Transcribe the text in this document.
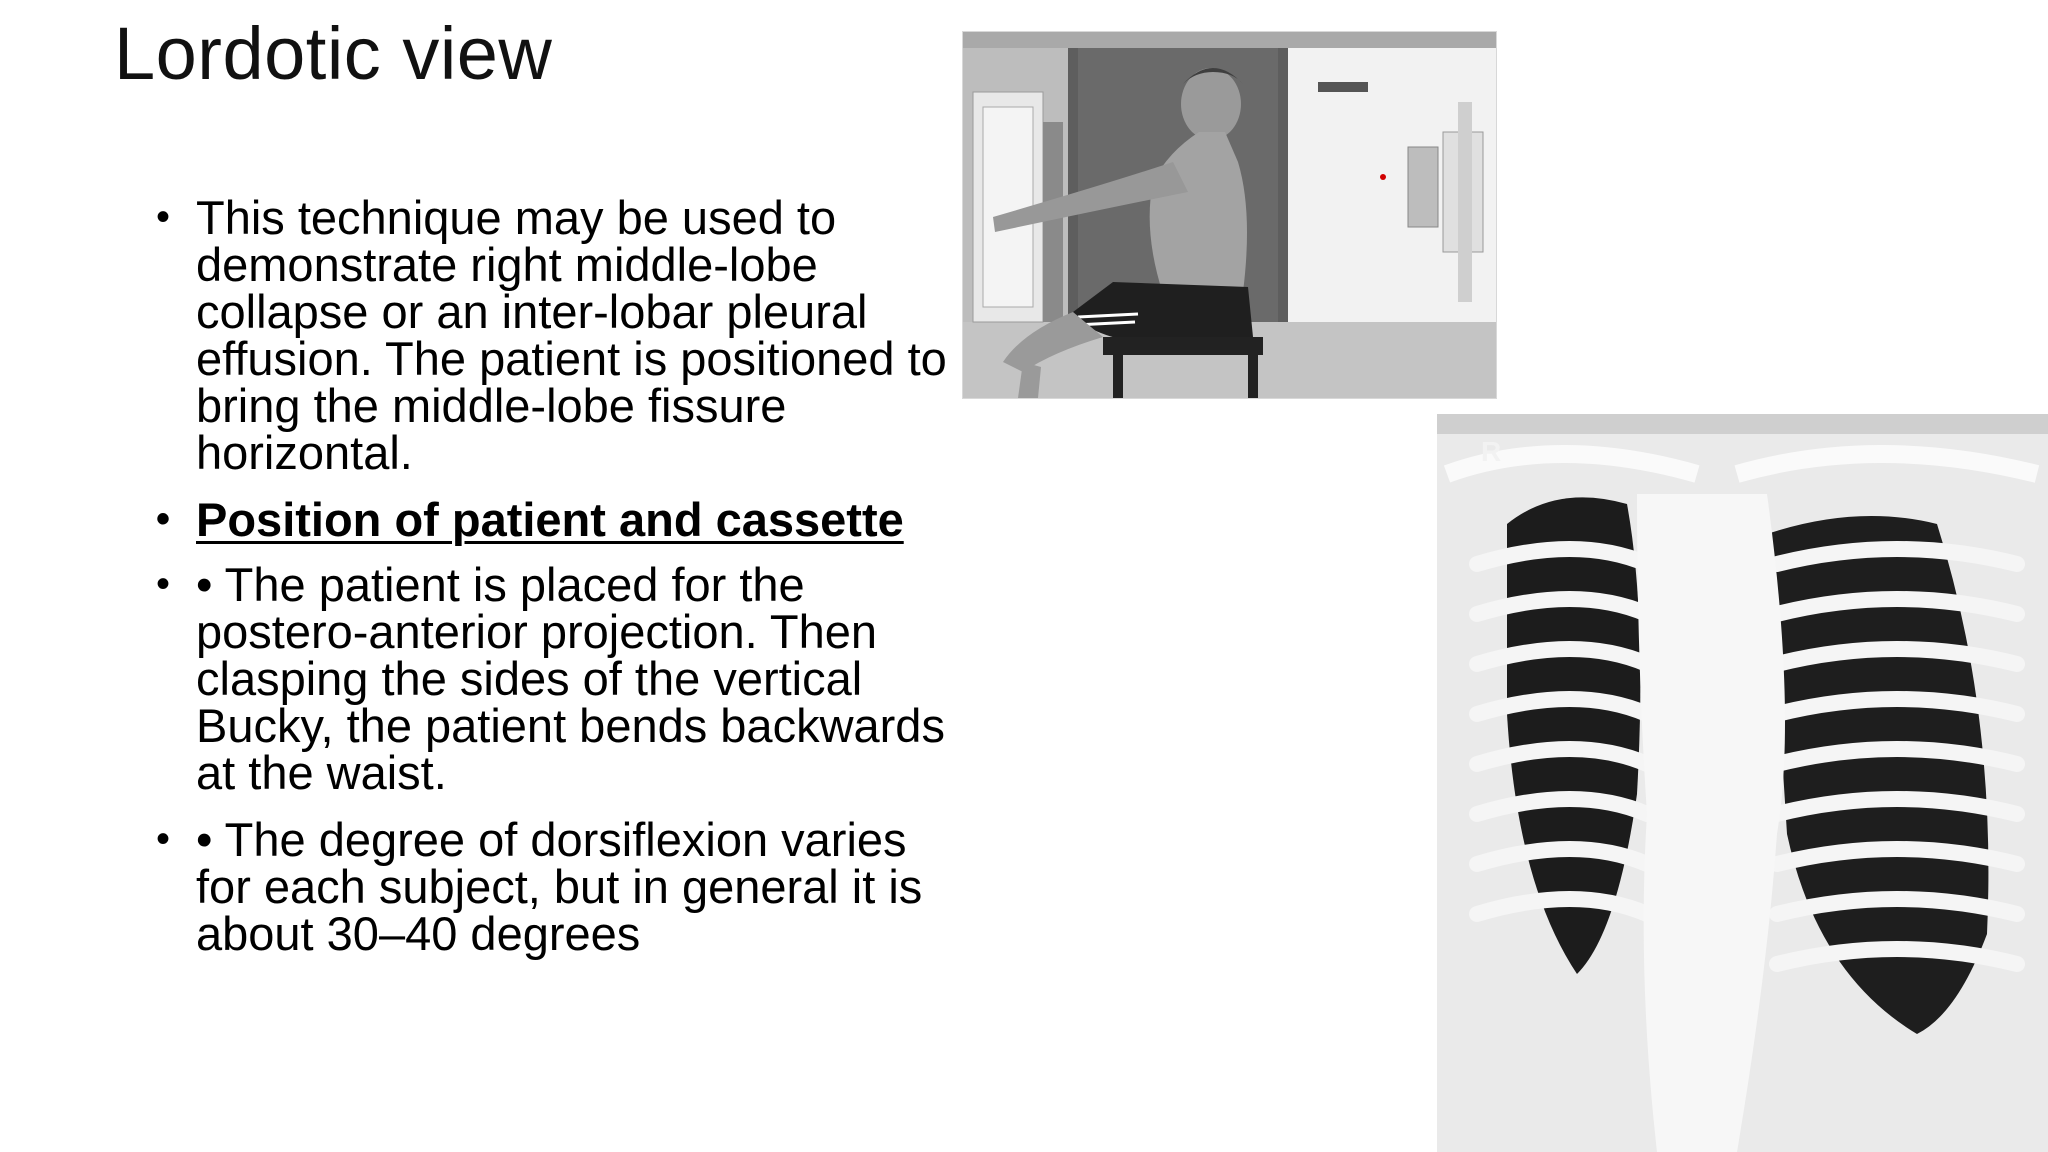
Lordotic view
• This technique may be used to demonstrate right middle-lobe collapse or an inter-lobar pleural effusion. The patient is positioned to bring the middle-lobe fissure horizontal.
• Position of patient and cassette
• • The patient is placed for the postero-anterior projection. Then clasping the sides of the vertical Bucky, the patient bends backwards at the waist.
• • The degree of dorsiflexion varies for each subject, but in general it is about 30–40 degrees
R
